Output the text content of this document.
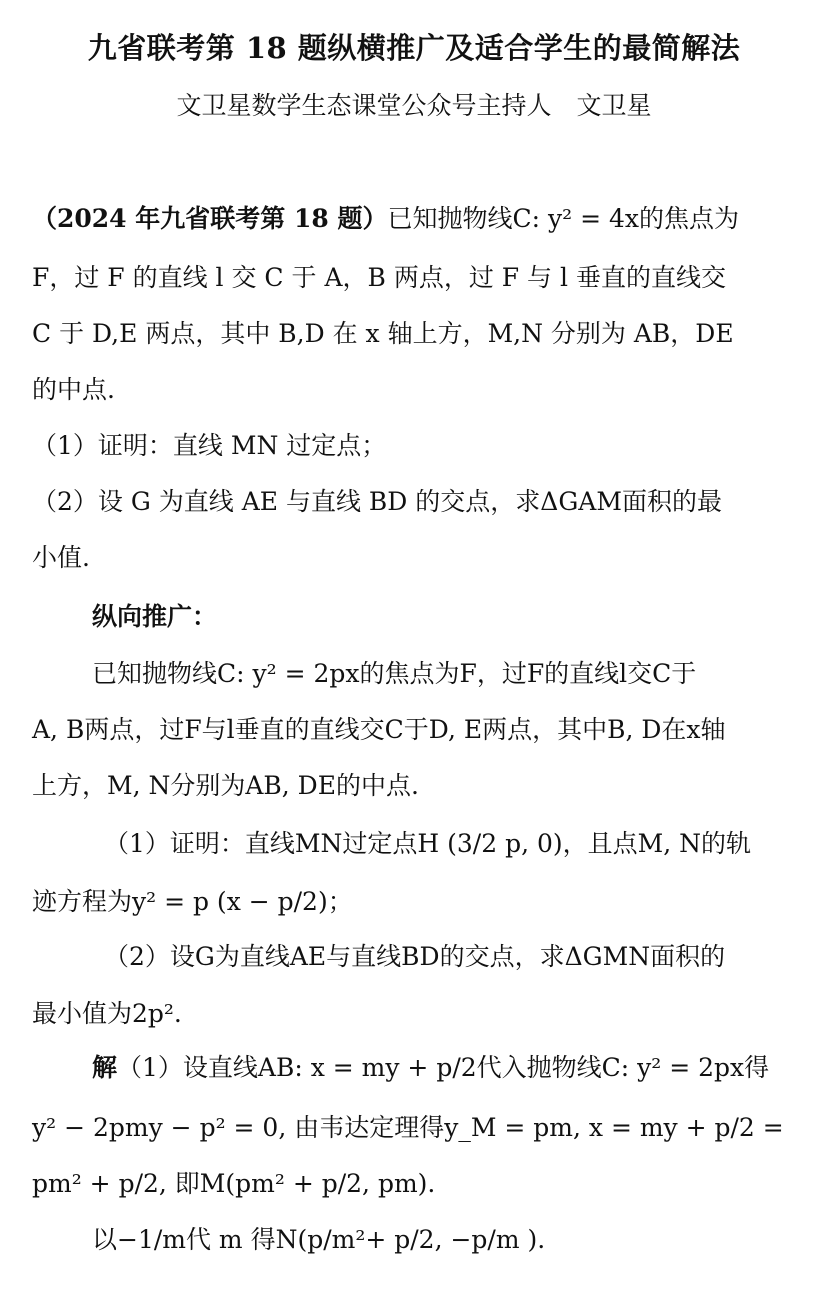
九省联考第 18 题纵横推广及适合学生的最简解法
文卫星数学生态课堂公众号主持人　文卫星
（2024 年九省联考第 18 题）已知抛物线C: y² = 4x的焦点为
F，过 F 的直线 l 交 C 于 A，B 两点，过 F 与 l 垂直的直线交
C 于 D,E 两点，其中 B,D 在 x 轴上方，M,N 分别为 AB，DE
的中点.
（1）证明：直线 MN 过定点；
（2）设 G 为直线 AE 与直线 BD 的交点，求ΔGAM面积的最
小值.
纵向推广：
已知抛物线C: y² = 2px的焦点为F，过F的直线l交C于
A, B两点，过F与l垂直的直线交C于D, E两点，其中B, D在x轴
上方，M, N分别为AB, DE的中点.
（1）证明：直线MN过定点H (3/2 p, 0)，且点M, N的轨
迹方程为y² = p (x − p/2)；
（2）设G为直线AE与直线BD的交点，求ΔGMN面积的
最小值为2p².
解（1）设直线AB: x = my + p/2代入抛物线C: y² = 2px得
y² − 2pmy − p² = 0, 由韦达定理得y_M = pm, x = my + p/2 =
pm² + p/2, 即M(pm² + p/2, pm).
以−1/m代 m 得N(p/m²+ p/2, −p/m ).
